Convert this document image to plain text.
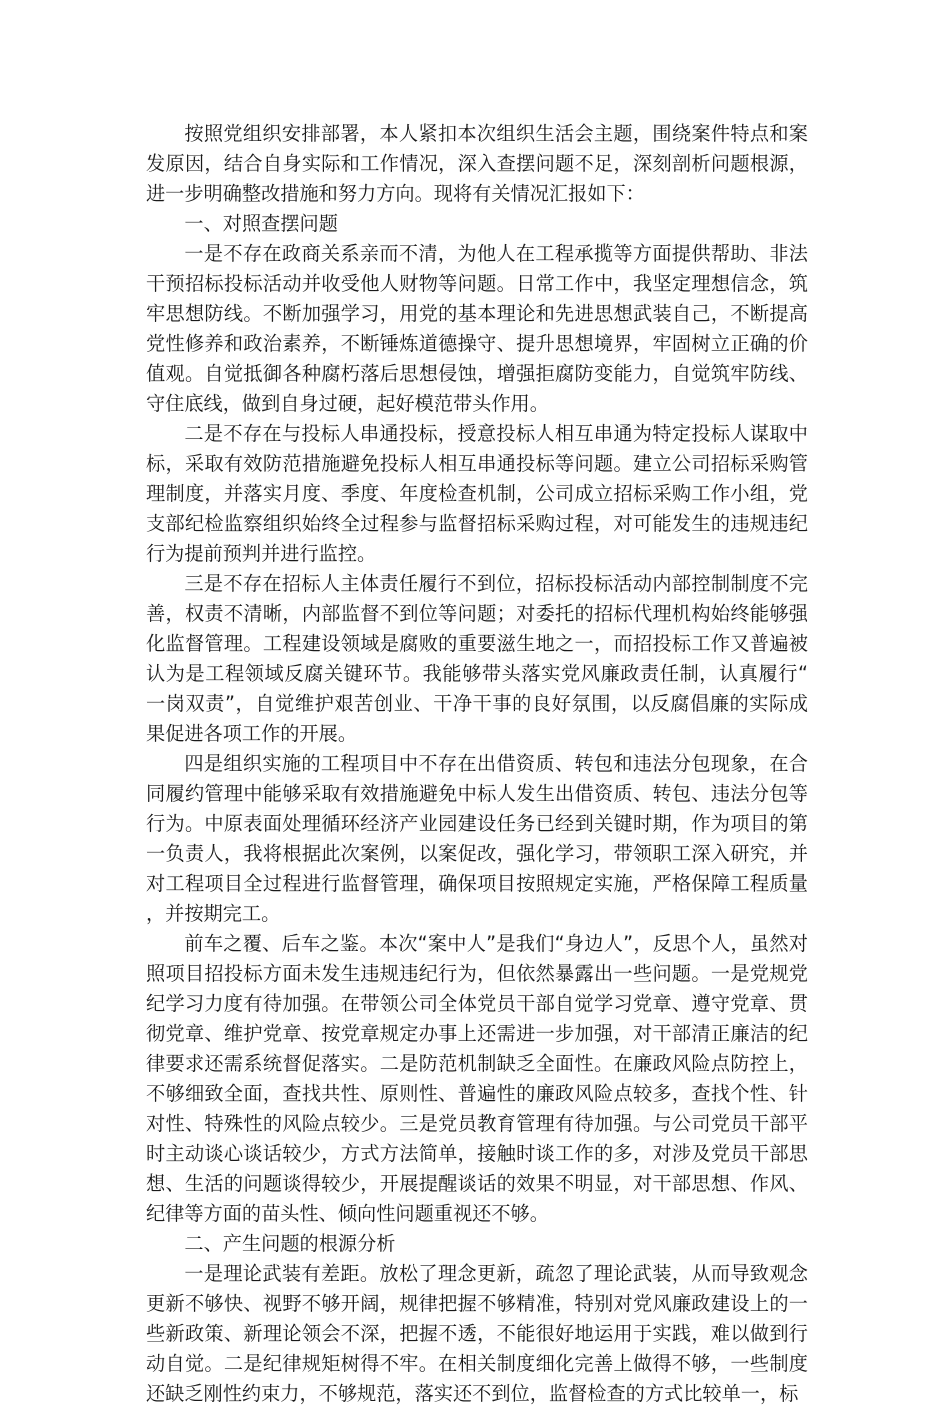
按照党组织安排部署，本人紧扣本次组织生活会主题，围绕案件特点和案发原因，结合自身实际和工作情况，深入查摆问题不足，深刻剖析问题根源，进一步明确整改措施和努力方向。现将有关情况汇报如下：

一、对照查摆问题

一是不存在政商关系亲而不清，为他人在工程承揽等方面提供帮助、非法干预招标投标活动并收受他人财物等问题。日常工作中，我坚定理想信念，筑牢思想防线。不断加强学习，用党的基本理论和先进思想武装自己，不断提高党性修养和政治素养，不断锤炼道德操守、提升思想境界，牢固树立正确的价值观。自觉抵御各种腐朽落后思想侵蚀，增强拒腐防变能力，自觉筑牢防线、守住底线，做到自身过硬，起好模范带头作用。

二是不存在与投标人串通投标，授意投标人相互串通为特定投标人谋取中标，采取有效防范措施避免投标人相互串通投标等问题。建立公司招标采购管理制度，并落实月度、季度、年度检查机制，公司成立招标采购工作小组，党支部纪检监察组织始终全过程参与监督招标采购过程，对可能发生的违规违纪行为提前预判并进行监控。

三是不存在招标人主体责任履行不到位，招标投标活动内部控制制度不完善，权责不清晰，内部监督不到位等问题；对委托的招标代理机构始终能够强化监督管理。工程建设领域是腐败的重要滋生地之一，而招投标工作又普遍被认为是工程领域反腐关键环节。我能够带头落实党风廉政责任制，认真履行“一岗双责”，自觉维护艰苦创业、干净干事的良好氛围，以反腐倡廉的实际成果促进各项工作的开展。

四是组织实施的工程项目中不存在出借资质、转包和违法分包现象，在合同履约管理中能够采取有效措施避免中标人发生出借资质、转包、违法分包等行为。中原表面处理循环经济产业园建设任务已经到关键时期，作为项目的第一负责人，我将根据此次案例，以案促改，强化学习，带领职工深入研究，并对工程项目全过程进行监督管理，确保项目按照规定实施，严格保障工程质量，并按期完工。

前车之覆、后车之鉴。本次“案中人”是我们“身边人”，反思个人，虽然对照项目招投标方面未发生违规违纪行为，但依然暴露出一些问题。一是党规党纪学习力度有待加强。在带领公司全体党员干部自觉学习党章、遵守党章、贯彻党章、维护党章、按党章规定办事上还需进一步加强，对干部清正廉洁的纪律要求还需系统督促落实。二是防范机制缺乏全面性。在廉政风险点防控上，不够细致全面，查找共性、原则性、普遍性的廉政风险点较多，查找个性、针对性、特殊性的风险点较少。三是党员教育管理有待加强。与公司党员干部平时主动谈心谈话较少，方式方法简单，接触时谈工作的多，对涉及党员干部思想、生活的问题谈得较少，开展提醒谈话的效果不明显，对干部思想、作风、纪律等方面的苗头性、倾向性问题重视还不够。

二、产生问题的根源分析

一是理论武装有差距。放松了理念更新，疏忽了理论武装，从而导致观念更新不够快、视野不够开阔，规律把握不够精准，特别对党风廉政建设上的一些新政策、新理论领会不深，把握不透，不能很好地运用于实践，难以做到行动自觉。二是纪律规矩树得不牢。在相关制度细化完善上做得不够，一些制度还缺乏刚性约束力，不够规范，落实还不到位，监督检查的方式比较单一，标
